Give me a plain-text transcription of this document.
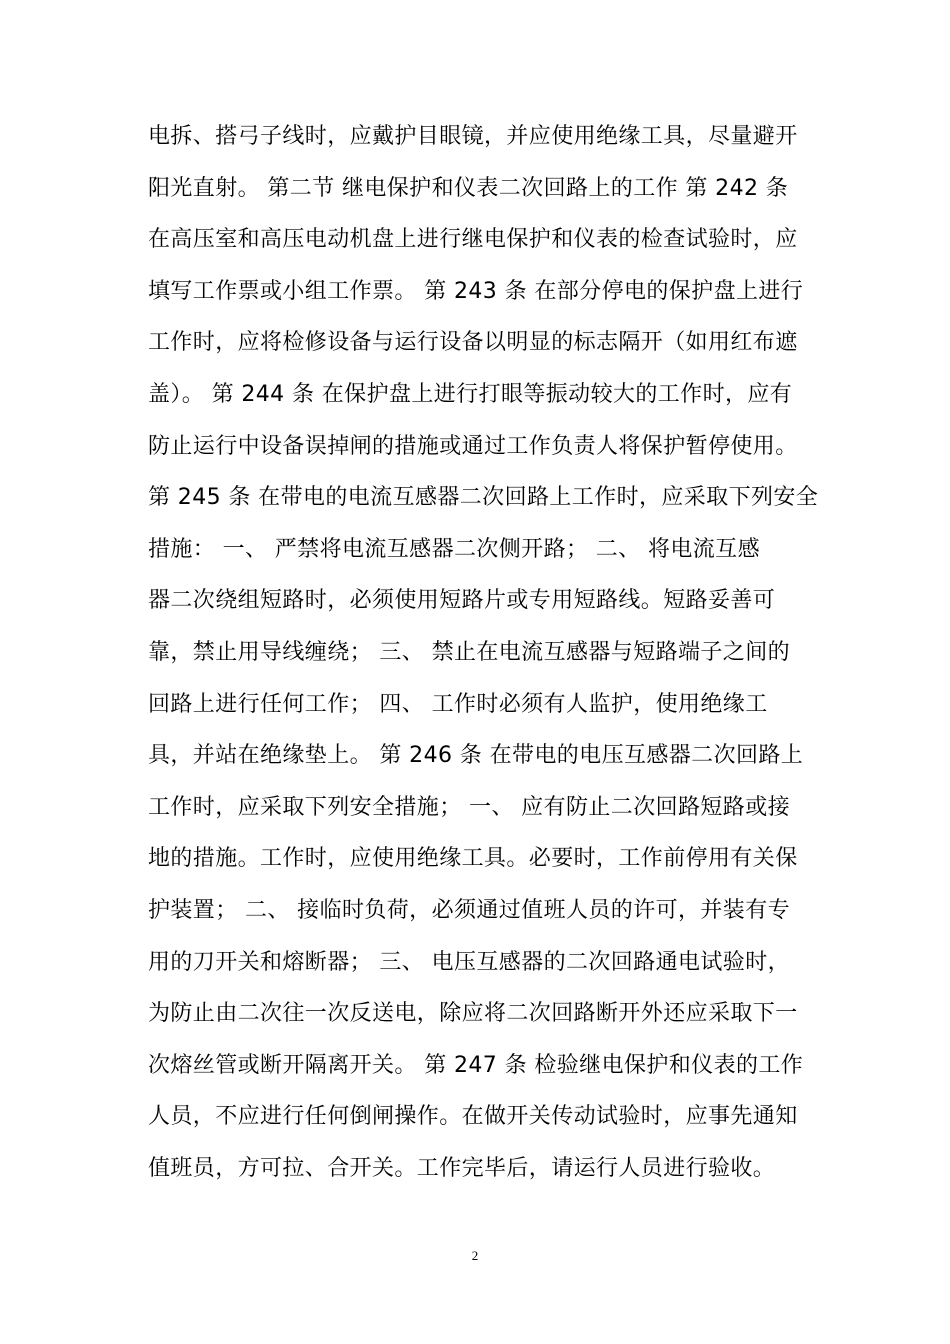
电拆、搭弓子线时，应戴护目眼镜，并应使用绝缘工具，尽量避开
阳光直射。 第二节 继电保护和仪表二次回路上的工作 第 242 条
在高压室和高压电动机盘上进行继电保护和仪表的检查试验时，应
填写工作票或小组工作票。 第 243 条 在部分停电的保护盘上进行
工作时，应将检修设备与运行设备以明显的标志隔开（如用红布遮
盖）。 第 244 条 在保护盘上进行打眼等振动较大的工作时，应有
防止运行中设备误掉闸的措施或通过工作负责人将保护暂停使用。
第 245 条 在带电的电流互感器二次回路上工作时，应采取下列安全
措施： 一、 严禁将电流互感器二次侧开路； 二、 将电流互感
器二次绕组短路时，必须使用短路片或专用短路线。短路妥善可
靠，禁止用导线缠绕； 三、 禁止在电流互感器与短路端子之间的
回路上进行任何工作； 四、 工作时必须有人监护，使用绝缘工
具，并站在绝缘垫上。 第 246 条 在带电的电压互感器二次回路上
工作时，应采取下列安全措施； 一、 应有防止二次回路短路或接
地的措施。工作时，应使用绝缘工具。必要时，工作前停用有关保
护装置； 二、 接临时负荷，必须通过值班人员的许可，并装有专
用的刀开关和熔断器； 三、 电压互感器的二次回路通电试验时，
为防止由二次往一次反送电，除应将二次回路断开外还应采取下一
次熔丝管或断开隔离开关。 第 247 条 检验继电保护和仪表的工作
人员，不应进行任何倒闸操作。在做开关传动试验时，应事先通知
值班员，方可拉、合开关。工作完毕后，请运行人员进行验收。
2
